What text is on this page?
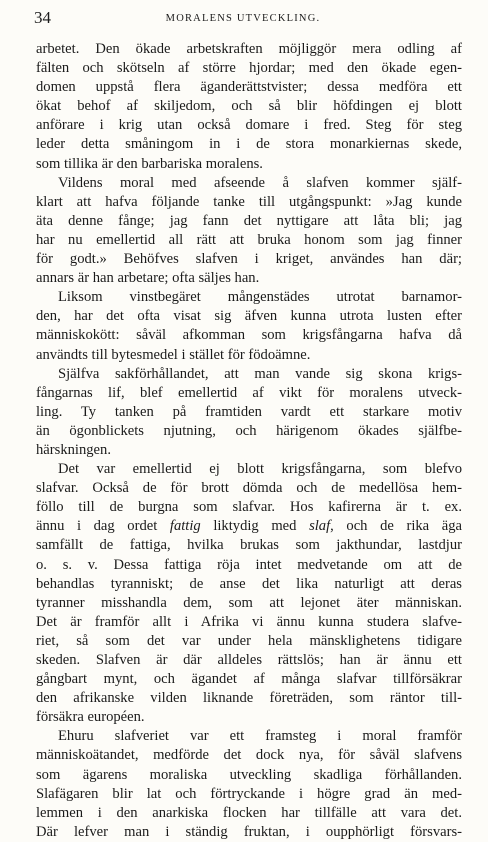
34	MORALENS UTVECKLING.

arbetet. Den ökade arbetskraften möjliggör mera odling af
fälten och skötseln af större hjordar; med den ökade egen-
domen uppstå flera äganderättstvister; dessa medföra ett
ökat behof af skiljedom, och så blir höfdingen ej blott
anförare i krig utan också domare i fred. Steg för steg
leder detta småningom in i de stora monarkiernas skede,
som tillika är den barbariska moralens.

Vildens moral med afseende å slafven kommer själf-
klart att hafva följande tanke till utgångspunkt: »Jag kunde
äta denne fånge; jag fann det nyttigare att låta bli; jag
har nu emellertid all rätt att bruka honom som jag finner
för godt.» Behöfves slafven i kriget, användes han där;
annars är han arbetare; ofta säljes han.

Liksom vinstbegäret mångenstädes utrotat barnamor-
den, har det ofta visat sig äfven kunna utrota lusten efter
människokött: såväl afkomman som krigsfångarna hafva då
användts till bytesmedel i stället för födoämne.

Själfva sakförhållandet, att man vande sig skona krigs-
fångarnas lif, blef emellertid af vikt för moralens utveck-
ling. Ty tanken på framtiden vardt ett starkare motiv
än ögonblickets njutning, och härigenom ökades själfbe-
härskningen.

Det var emellertid ej blott krigsfångarna, som blefvo
slafvar. Också de för brott dömda och de medellösa hem-
föllo till de burgna som slafvar. Hos kafirerna är t. ex.
ännu i dag ordet fattig liktydig med slaf, och de rika äga
samfällt de fattiga, hvilka brukas som jakthundar, lastdjur
o. s. v. Dessa fattiga röja intet medvetande om att de
behandlas tyranniskt; de anse det lika naturligt att deras
tyranner misshandla dem, som att lejonet äter människan.
Det är framför allt i Afrika vi ännu kunna studera slafve-
riet, så som det var under hela mänsklighetens tidigare
skeden. Slafven är där alldeles rättslös; han är ännu ett
gångbart mynt, och ägandet af många slafvar tillförsäkrar
den afrikanske vilden liknande företräden, som räntor till-
försäkra européen.

Ehuru slafveriet var ett framsteg i moral framför
människoätandet, medförde det dock nya, för såväl slafvens
som ägarens moraliska utveckling skadliga förhållanden.
Slafägaren blir lat och förtryckande i högre grad än med-
lemmen i den anarkiska flocken har tillfälle att vara det.
Där lefver man i ständig fruktan, i oupphörligt försvars-
